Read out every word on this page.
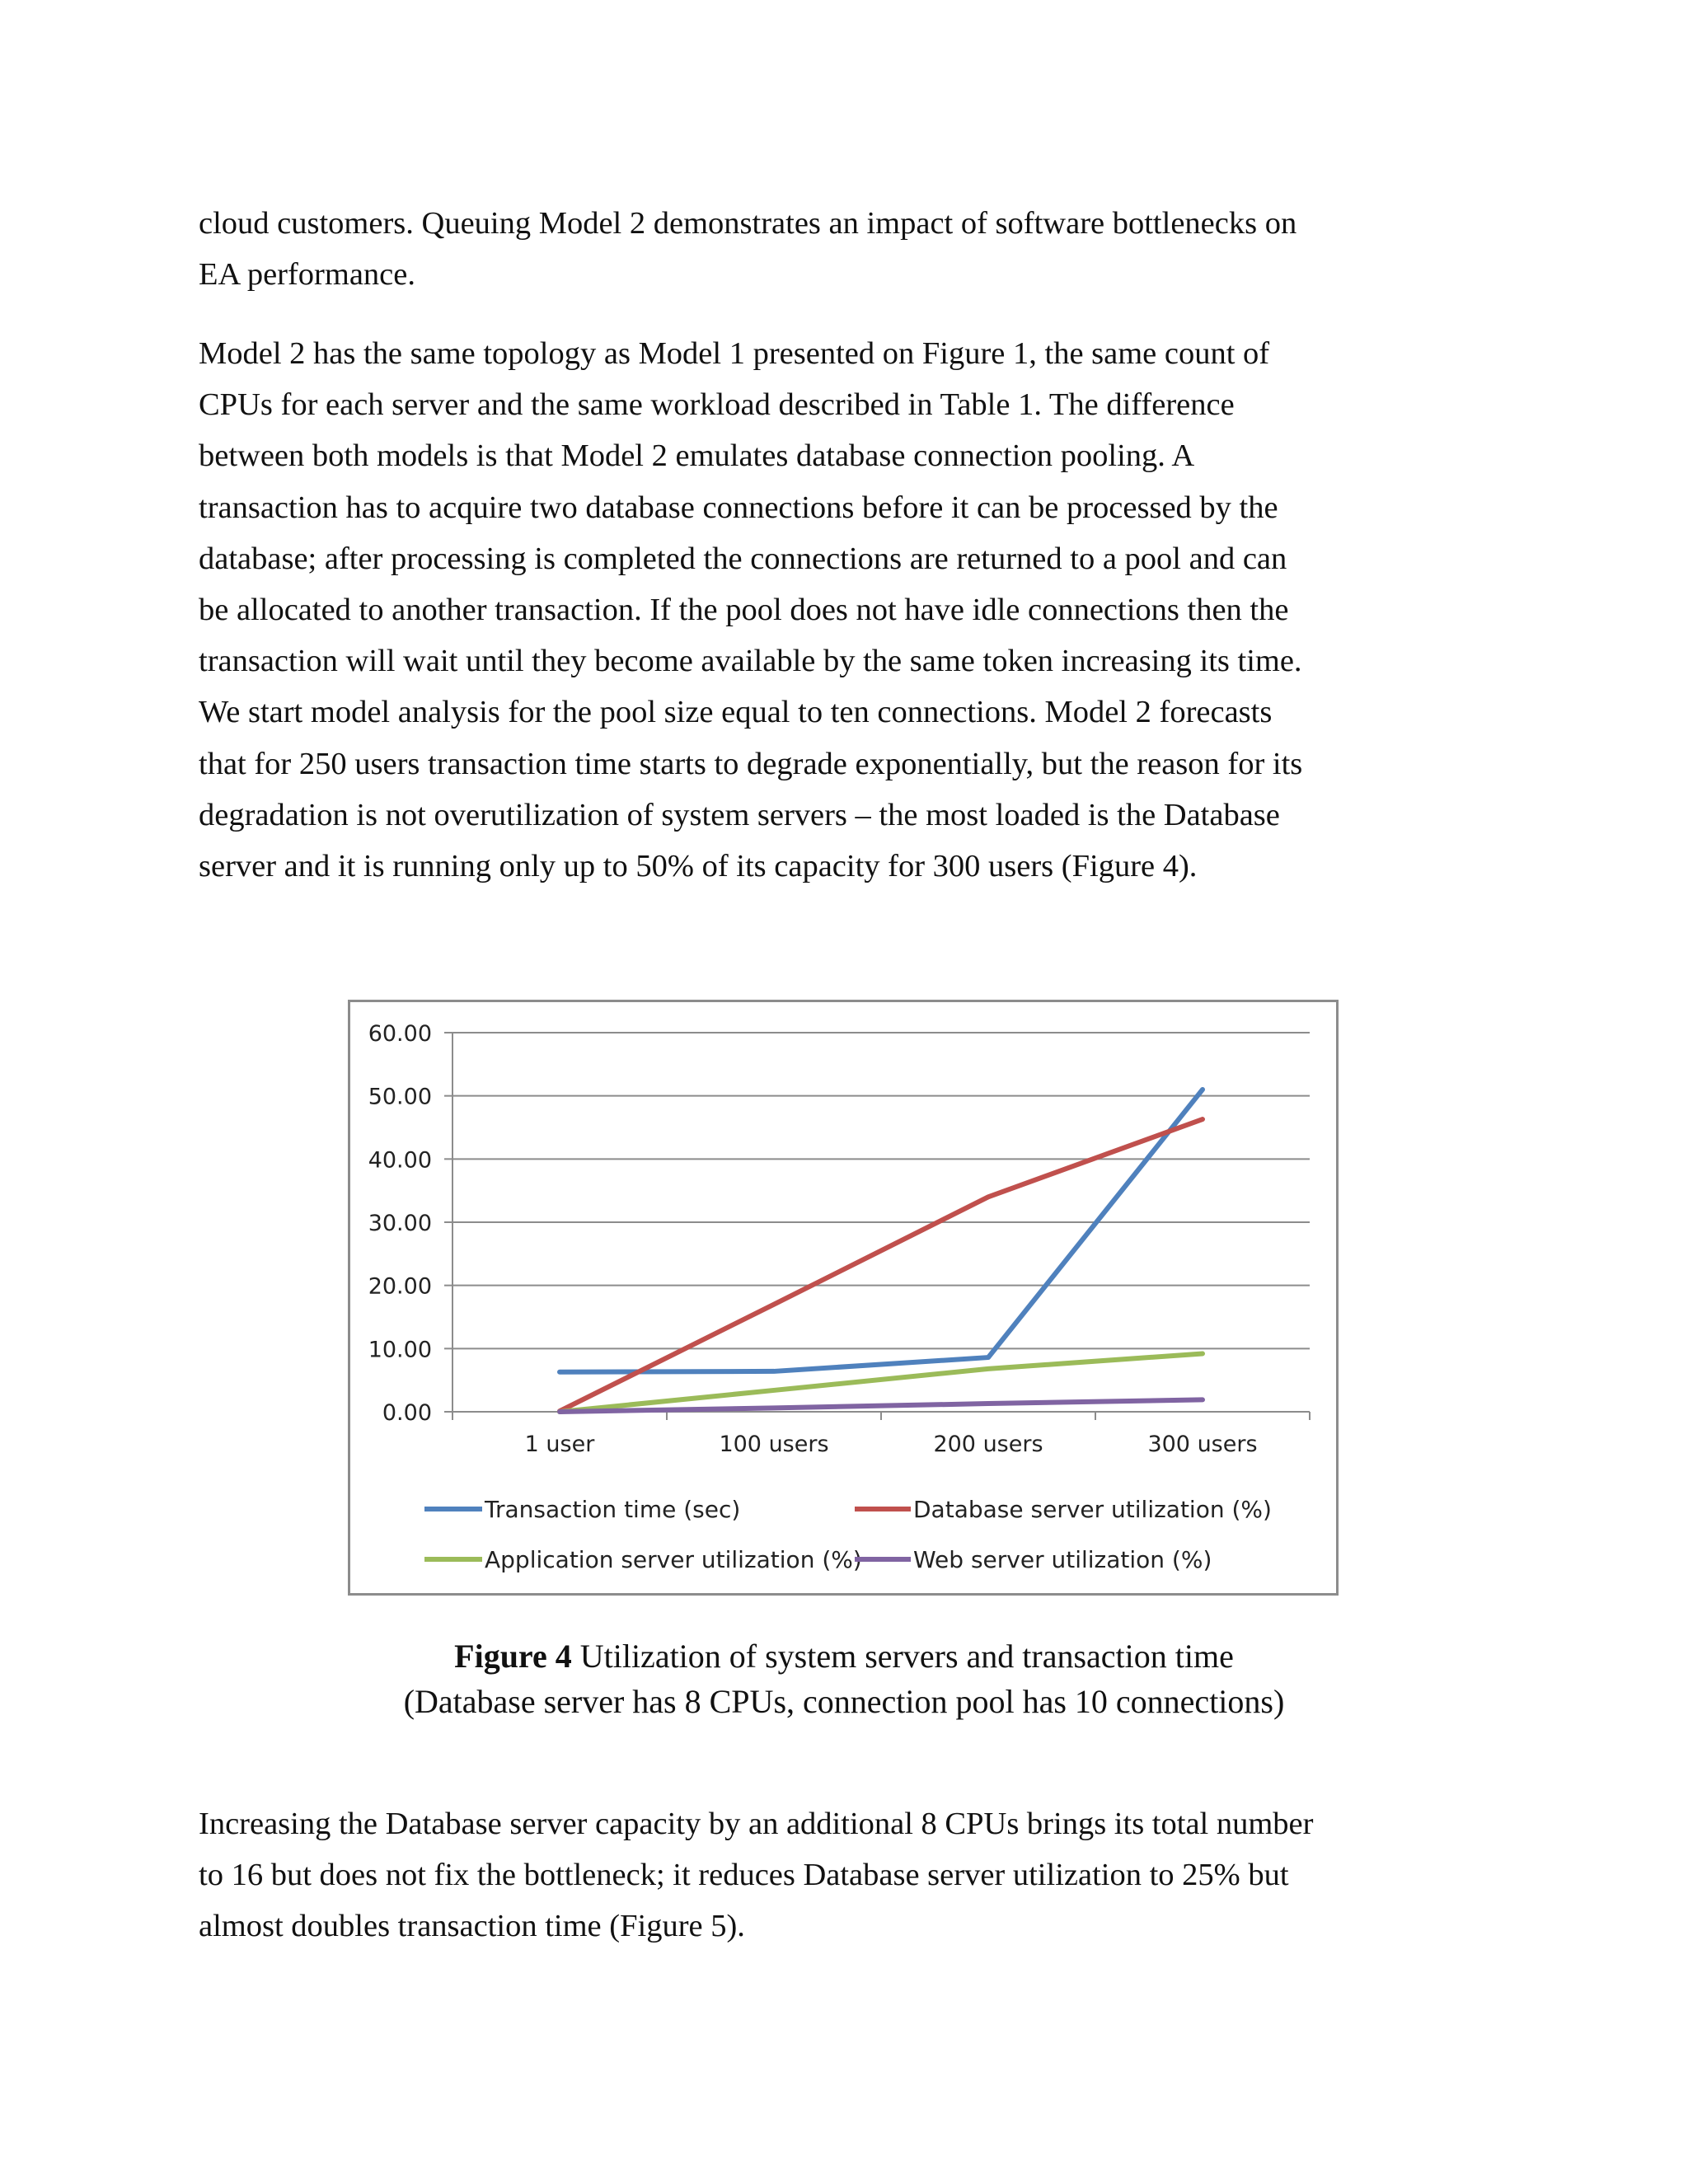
cloud customers. Queuing Model 2 demonstrates an impact of software bottlenecks on
EA performance.
Model 2 has the same topology as Model 1 presented on Figure 1, the same count of
CPUs for each server and the same workload described in Table 1. The difference
between both models is that Model 2 emulates database connection pooling. A
transaction has to acquire two database connections before it can be processed by the
database; after processing is completed the connections are returned to a pool and can
be allocated to another transaction. If the pool does not have idle connections then the
transaction will wait until they become available by the same token increasing its time.
We start model analysis for the pool size equal to ten connections. Model 2 forecasts
that for 250 users transaction time starts to degrade exponentially, but the reason for its
degradation is not overutilization of system servers – the most loaded is the Database
server and it is running only up to 50% of its capacity for 300 users (Figure 4).
0.00
10.00
20.00
30.00
40.00
50.00
60.00
1 user	100 users	200 users	300 users
Transaction time (sec)	Database server utilization (%)
Application server utilization (%) Web server utilization (%)
Figure 4 Utilization of system servers and transaction time
(Database server has 8 CPUs, connection pool has 10 connections)
Increasing the Database server capacity by an additional 8 CPUs brings its total number
to 16 but does not fix the bottleneck; it reduces Database server utilization to 25% but
almost doubles transaction time (Figure 5).
